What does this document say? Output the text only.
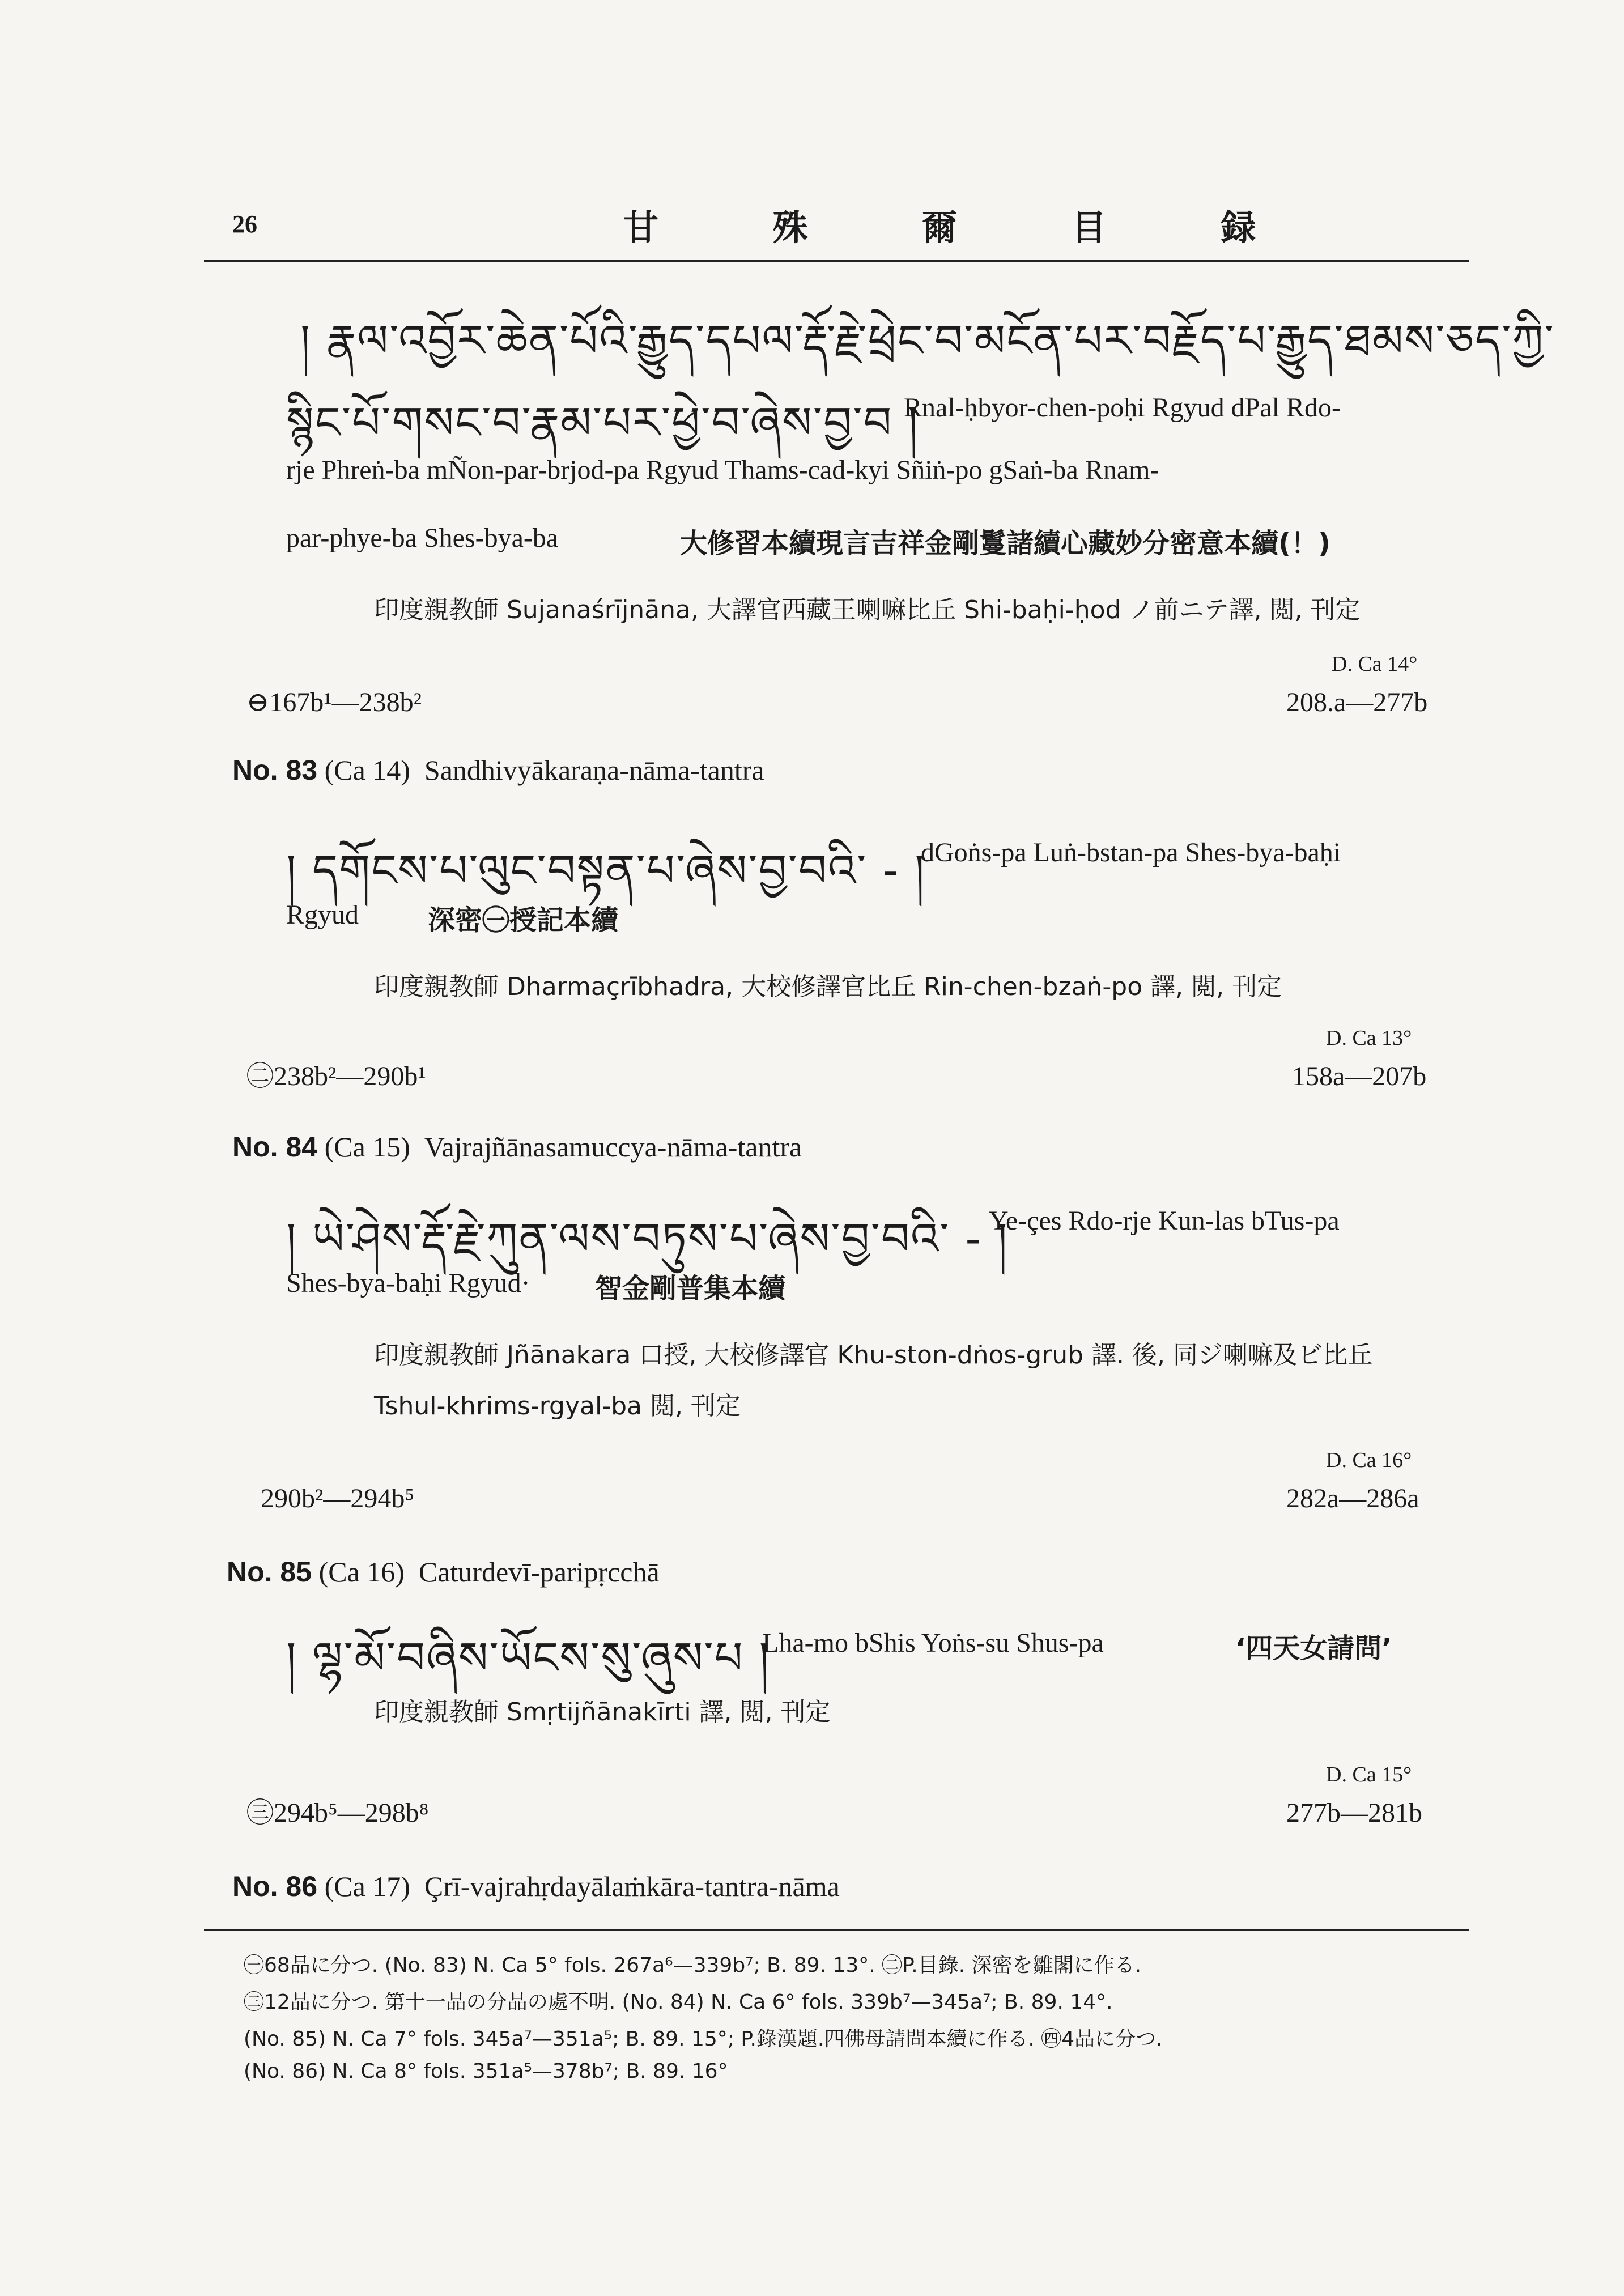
26	甘 殊 爾 目 録
། རྣལ་འབྱོར་ཆེན་པོའི་རྒྱུད་དཔལ་རྡོ་རྗེ་ཕྲེང་བ་མངོན་པར་བརྗོད་པ་རྒྱུད་ཐམས་ཅད་ཀྱི་
སྙིང་པོ་གསང་བ་རྣམ་པར་ཕྱེ་བ་ཞེས་བྱ་བ །
Rnal-ḥbyor-chen-poḥi Rgyud dPal Rdo-
rje Phreṅ-ba mÑon-par-brjod-pa Rgyud Thams-cad-kyi Sñiṅ-po gSaṅ-ba Rnam-
par-phye-ba Shes-bya-ba	大修習本續現言吉祥金剛鬘諸續心藏妙分密意本續(！)
印度親教師 Sujanaśrījnāna, 大譯官西藏王喇嘛比丘 Shi-baḥi-ḥod ノ前ニテ譯, 閲, 刊定
D. Ca 14°
⊖167b¹—238b²	208.a—277b
No. 83 (Ca 14) Sandhivyākaraṇa-nāma-tantra
། དགོངས་པ་ལུང་བསྟན་པ་ཞེས་བྱ་བའི་ ‐ །
dGoṅs-pa Luṅ-bstan-pa Shes-bya-baḥi
Rgyud	深密㊀授記本續
印度親教師 Dharmaçrībhadra, 大校修譯官比丘 Rin-chen-bzaṅ-po 譯, 閲, 刊定
D. Ca 13°
㊁238b²—290b¹	158a—207b
No. 84 (Ca 15) Vajrajñānasamuccya-nāma-tantra
། ཡེ་ཤེས་རྡོ་རྗེ་ཀུན་ལས་བཏུས་པ་ཞེས་བྱ་བའི་ ‐ །
Ye-çes Rdo-rje Kun-las bTus-pa
Shes-bya-baḥi Rgyud· 智金剛普集本續
印度親教師 Jñānakara 口授, 大校修譯官 Khu-ston-dṅos-grub 譯. 後, 同ジ喇嘛及ビ比丘
Tshul-khrims-rgyal-ba 閲, 刊定
D. Ca 16°
290b²—294b⁵	282a—286a
No. 85 (Ca 16) Caturdevī-paripṛcchā
། ལྷ་མོ་བཞིས་ཡོངས་སུ་ཞུས་པ །
Lha-mo bShis Yoṅs-su Shus-pa	‘四天女請問’
印度親教師 Smṛtijñānakīrti 譯, 閲, 刊定
D. Ca 15°
㊂294b⁵—298b⁸	277b—281b
No. 86 (Ca 17) Çrī-vajrahṛdayālaṁkāra-tantra-nāma
㊀68品に分つ. (No. 83) N. Ca 5° fols. 267a⁶—339b⁷; B. 89. 13°. ㊁P.目錄. 深密を雛閣に作る.
㊂12品に分つ. 第十一品の分品の處不明. (No. 84) N. Ca 6° fols. 339b⁷—345a⁷; B. 89. 14°.
(No. 85) N. Ca 7° fols. 345a⁷—351a⁵; B. 89. 15°; P.錄漢題.四佛母請問本續に作る. ㊃4品に分つ.
(No. 86) N. Ca 8° fols. 351a⁵—378b⁷; B. 89. 16°
